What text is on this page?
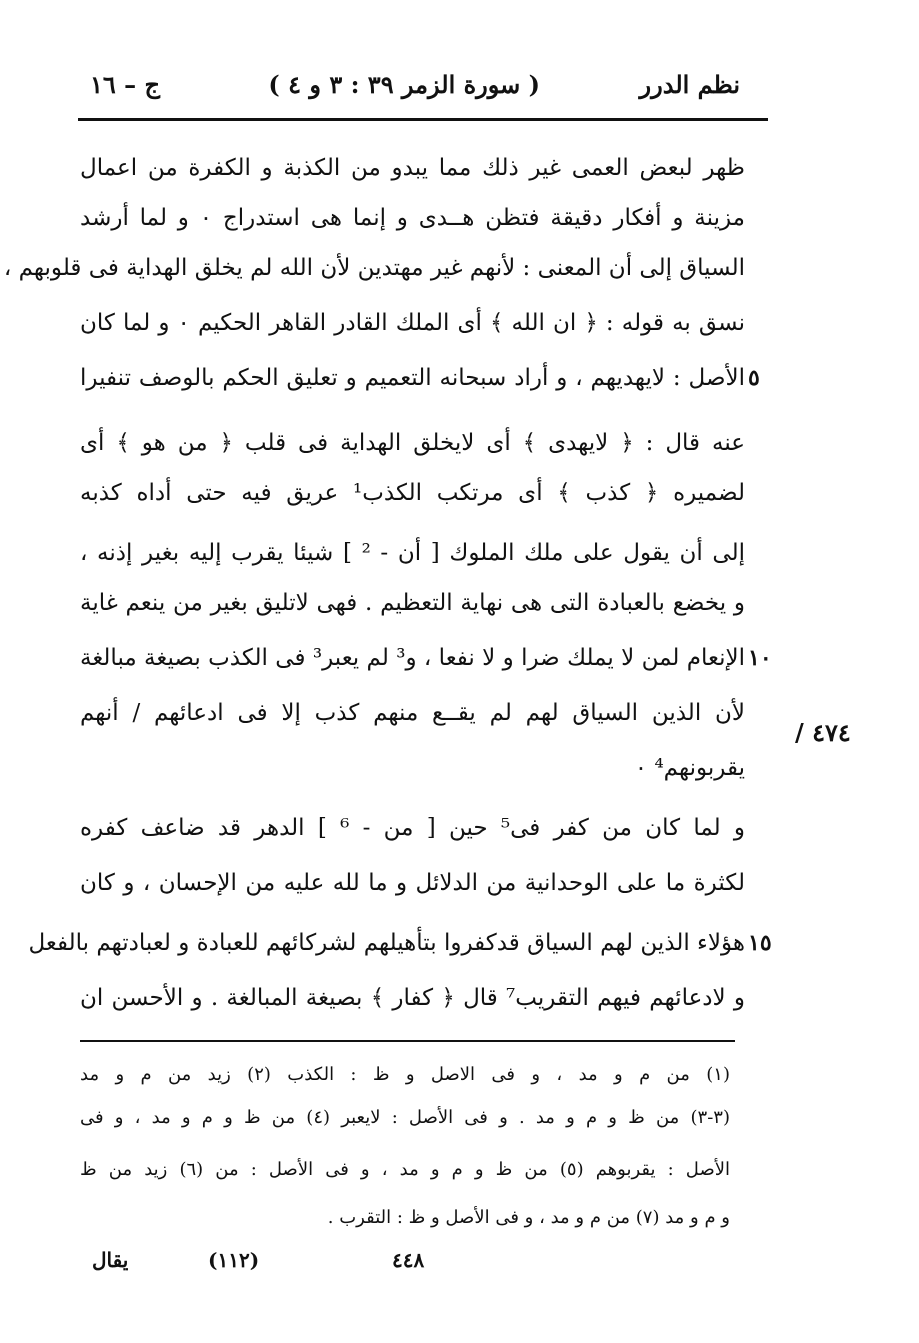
نظم الدرر
( سورة الزمر ٣٩ : ٣ و ٤ )
ج – ١٦
ظهر لبعض العمى غير ذلك مما يبدو من الكذبة و الكفرة من اعمال
مزينة و أفكار دقيقة فتظن هــدى و إنما هى استدراج ٠ و لما أرشد
السياق إلى أن المعنى : لأنهم غير مهتدين لأن الله لم يخلق الهداية فى قلوبهم ،
نسق به قوله : ﴿ ان الله ﴾ أى الملك القادر القاهر الحكيم ٠ و لما كان
الأصل : لايهديهم ، و أراد سبحانه التعميم و تعليق الحكم بالوصف تنفيرا ٥
عنه قال : ﴿ لايهدى ﴾ أى لايخلق الهداية فى قلب ﴿ من هو ﴾ أى
لضميره ﴿ كذب ﴾ أى مرتكب الكذب¹ عريق فيه حتى أداه كذبه
إلى أن يقول على ملك الملوك [ أن - ² ] شيئا يقرب إليه بغير إذنه ،
و يخضع بالعبادة التى هى نهاية التعظيم . فهى لاتليق بغير من ينعم غاية
الإنعام لمن لا يملك ضرا و لا نفعا ، و³ لم يعبر³ فى الكذب بصيغة مبالغة ١٠
لأن الذين السياق لهم لم يقــع منهم كذب إلا فى ادعائهم / أنهم
يقربونهم⁴ ٠
و لما كان من كفر فى⁵ حين [ من - ⁶ ] الدهر قد ضاعف كفره
لكثرة ما على الوحدانية من الدلائل و ما لله عليه من الإحسان ، و كان
هؤلاء الذين لهم السياق قدكفروا بتأهيلهم لشركائهم للعبادة و لعبادتهم بالفعل ١٥
و لادعائهم فيهم التقريب⁷ قال ﴿ كفار ﴾ بصيغة المبالغة . و الأحسن ان
٤٧٤ /
(١) من م و مد ، و فى الاصل و ظ : الكذب (٢) زيد من م و مد
(٣-٣) من ظ و م و مد . و فى الأصل : لايعبر (٤) من ظ و م و مد ، و فى
الأصل : يقربوهم (٥) من ظ و م و مد ، و فى الأصل : من (٦) زيد من ظ
و م و مد (٧) من م و مد ، و فى الأصل و ظ : التقرب .
يقال	(١١٢)	٤٤٨
